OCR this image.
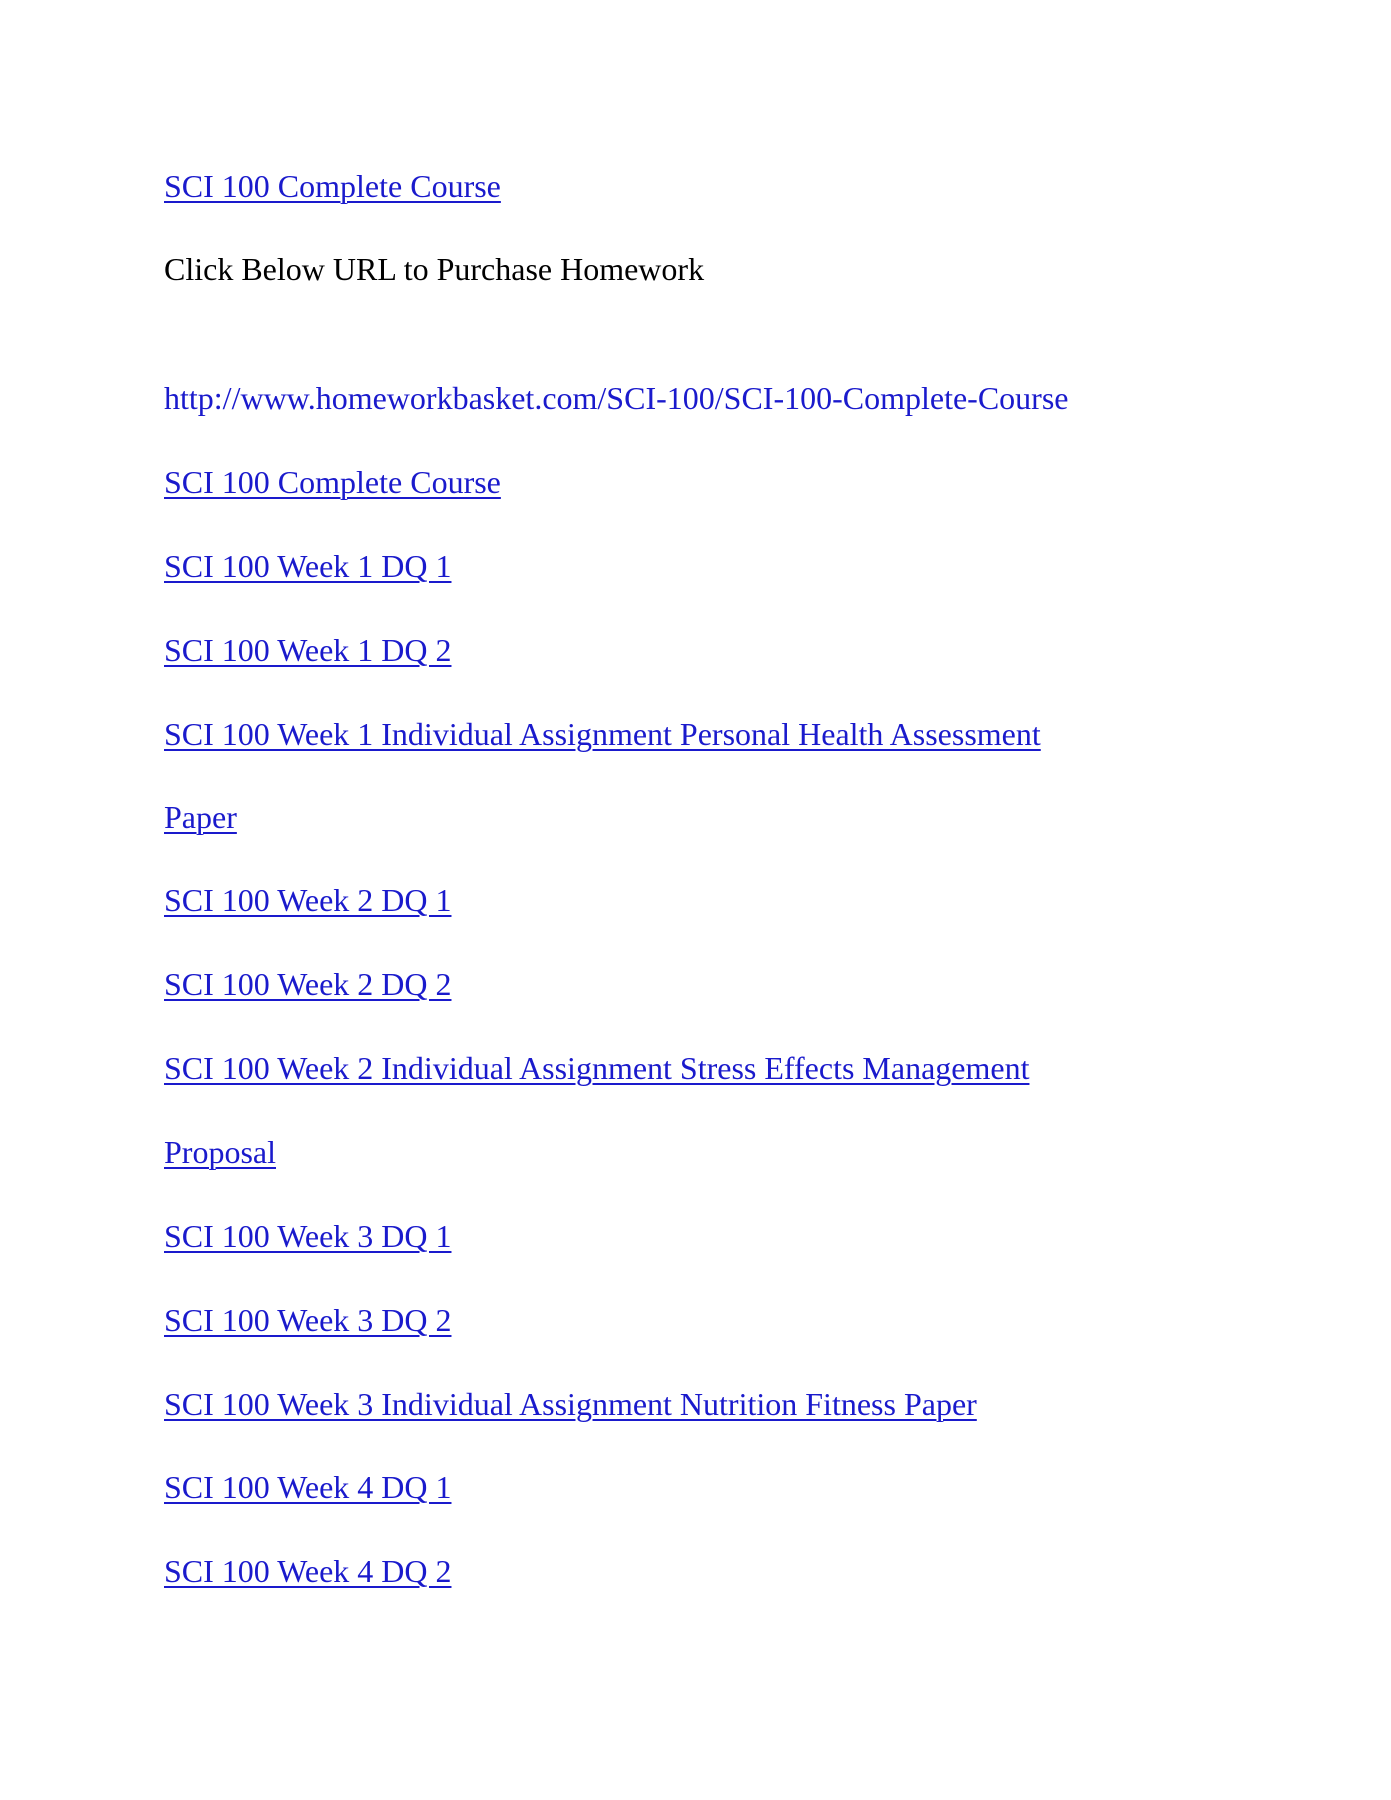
SCI 100 Complete Course
Click Below URL to Purchase Homework
http://www.homeworkbasket.com/SCI-100/SCI-100-Complete-Course
SCI 100 Complete Course
SCI 100 Week 1 DQ 1
SCI 100 Week 1 DQ 2
SCI 100 Week 1 Individual Assignment Personal Health Assessment
Paper
SCI 100 Week 2 DQ 1
SCI 100 Week 2 DQ 2
SCI 100 Week 2 Individual Assignment Stress Effects Management
Proposal
SCI 100 Week 3 DQ 1
SCI 100 Week 3 DQ 2
SCI 100 Week 3 Individual Assignment Nutrition Fitness Paper
SCI 100 Week 4 DQ 1
SCI 100 Week 4 DQ 2
